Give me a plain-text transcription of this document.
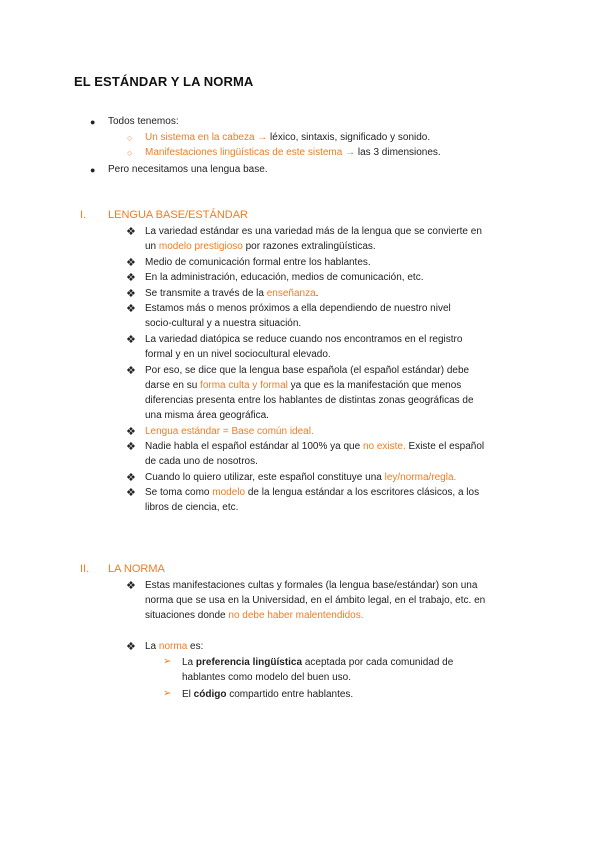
EL ESTÁNDAR Y LA NORMA
● Todos tenemos:
○ Un sistema en la cabeza → léxico, sintaxis, significado y sonido.
○ Manifestaciones lingüísticas de este sistema → las 3 dimensiones.
● Pero necesitamos una lengua base.
I. LENGUA BASE/ESTÁNDAR
❖ La variedad estándar es una variedad más de la lengua que se convierte en
un modelo prestigioso por razones extralingüísticas.
❖ Medio de comunicación formal entre los hablantes.
❖ En la administración, educación, medios de comunicación, etc.
❖ Se transmite a través de la enseñanza.
❖ Estamos más o menos próximos a ella dependiendo de nuestro nivel
socio-cultural y a nuestra situación.
❖ La variedad diatópica se reduce cuando nos encontramos en el registro
formal y en un nivel sociocultural elevado.
❖ Por eso, se dice que la lengua base española (el español estándar) debe
darse en su forma culta y formal ya que es la manifestación que menos
diferencias presenta entre los hablantes de distintas zonas geográficas de
una misma área geográfica.
❖ Lengua estándar = Base común ideal.
❖ Nadie habla el español estándar al 100% ya que no existe. Existe el español
de cada uno de nosotros.
❖ Cuando lo quiero utilizar, este español constituye una ley/norma/regla.
❖ Se toma como modelo de la lengua estándar a los escritores clásicos, a los
libros de ciencia, etc.
II. LA NORMA
❖ Estas manifestaciones cultas y formales (la lengua base/estándar) son una
norma que se usa en la Universidad, en el ámbito legal, en el trabajo, etc. en
situaciones donde no debe haber malentendidos.
❖ La norma es:
➢ La preferencia lingüística aceptada por cada comunidad de
hablantes como modelo del buen uso.
➢ El código compartido entre hablantes.
